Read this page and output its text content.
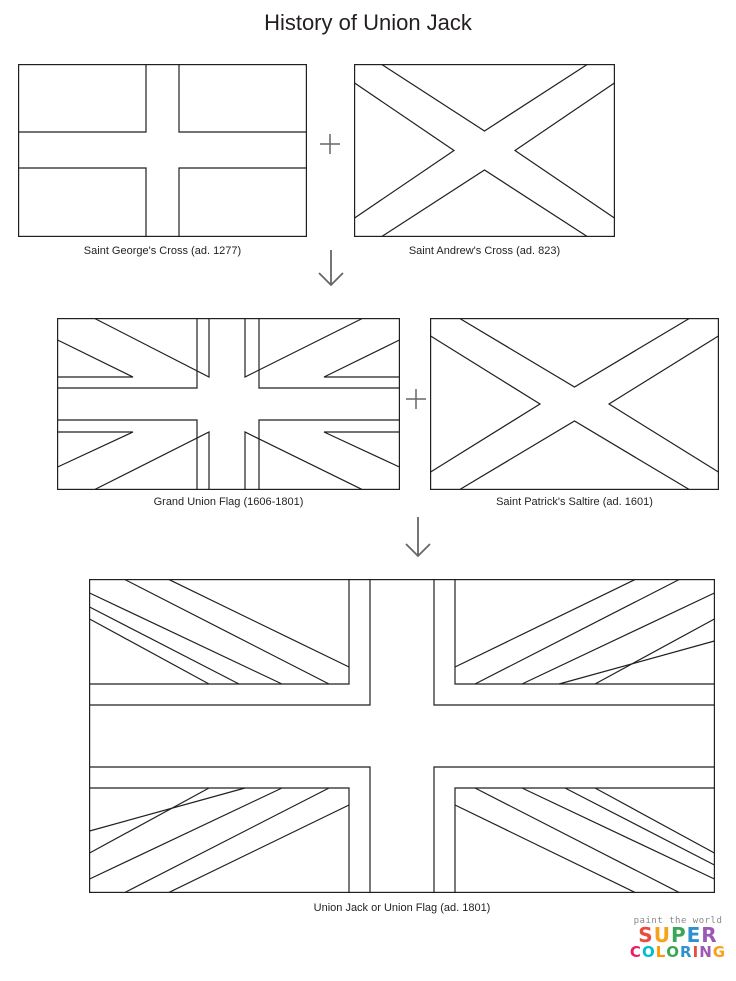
History of Union Jack
Saint George's Cross (ad. 1277)	Saint Andrew's Cross (ad. 823)
Grand Union Flag (1606-1801)	Saint Patrick's Saltire (ad. 1601)
Union Jack or Union Flag (ad. 1801)
paint the world
SUPER
COLORING
